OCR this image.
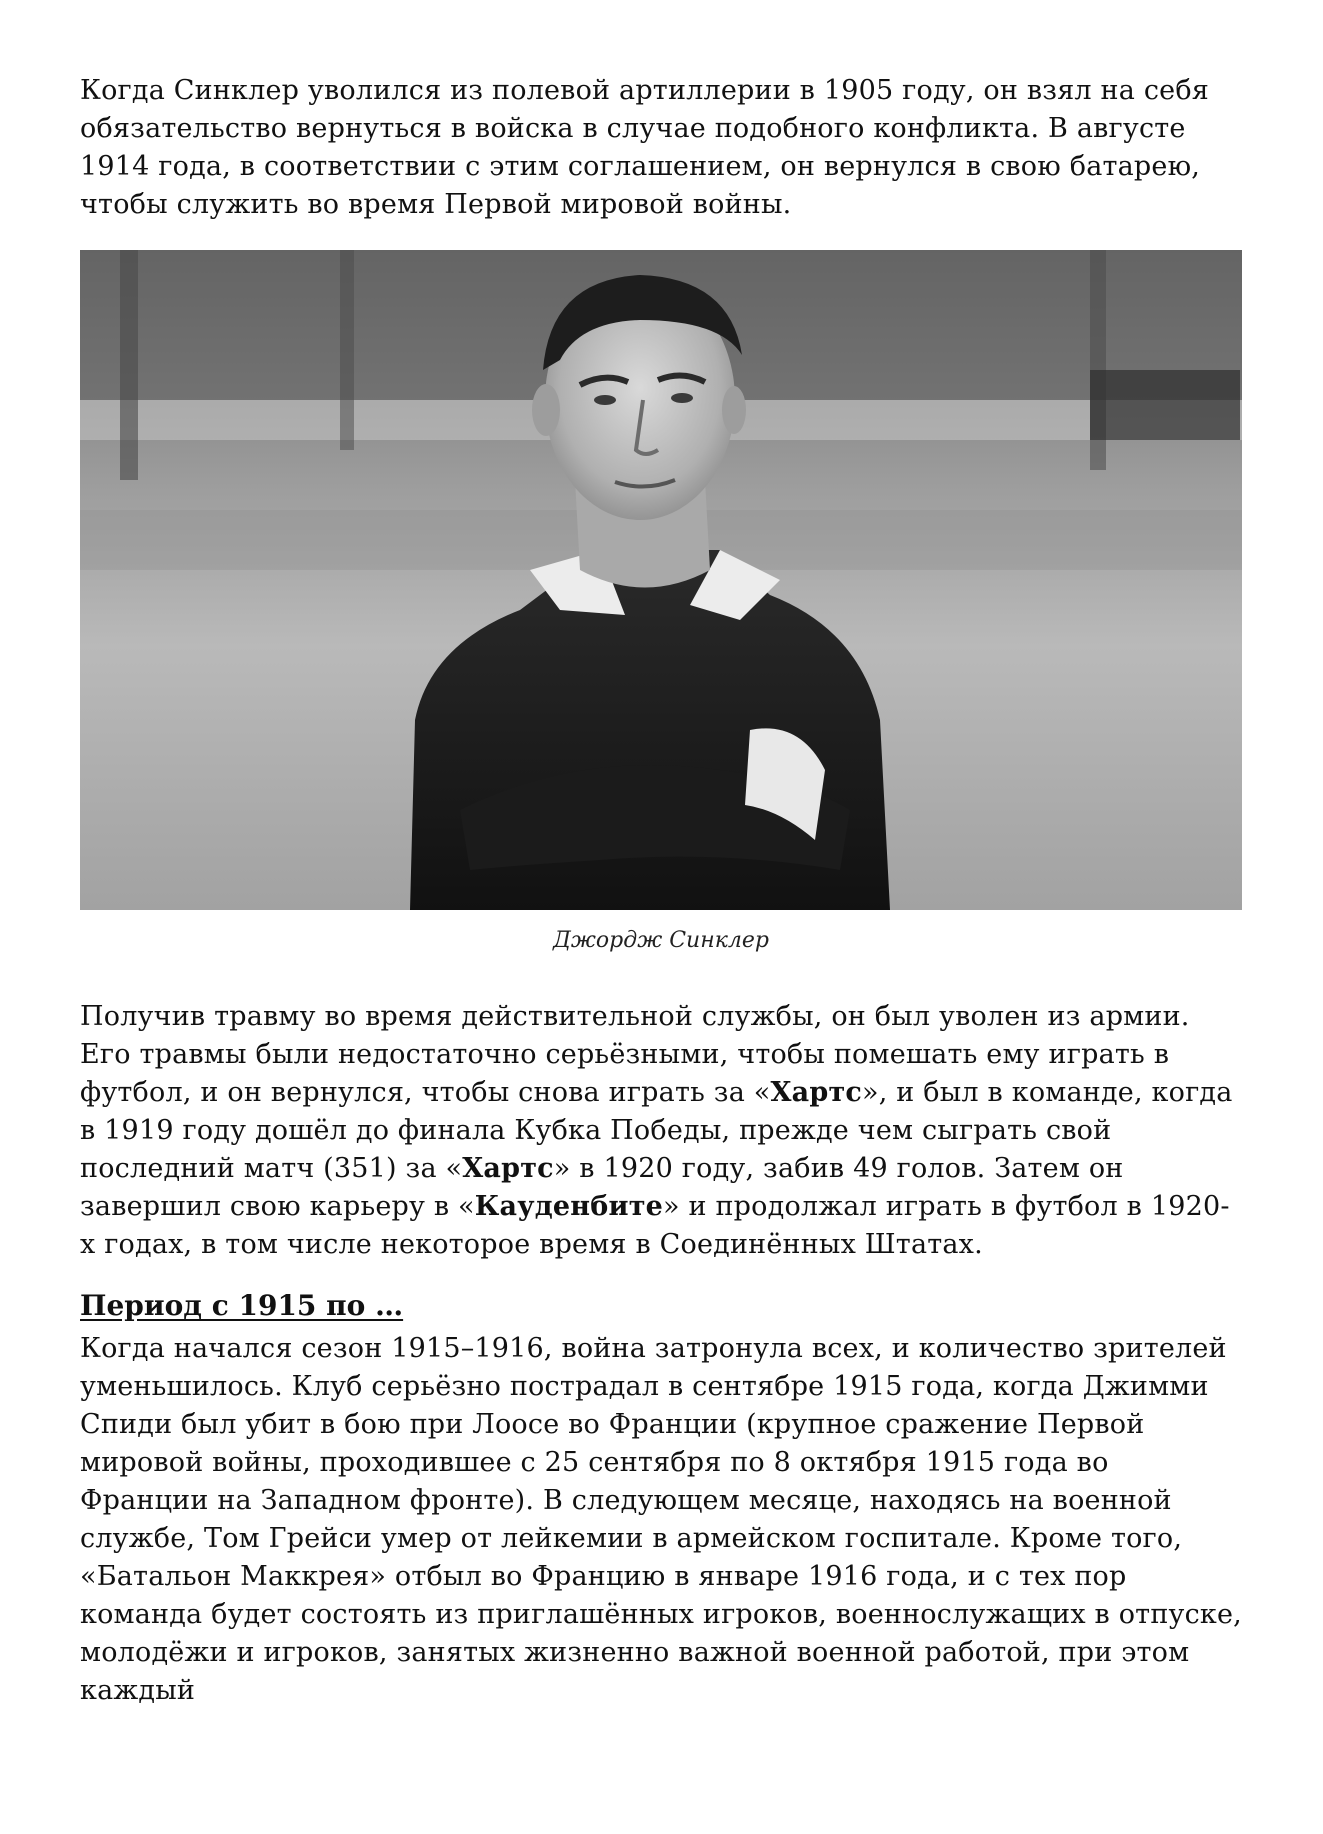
Когда Синклер уволился из полевой артиллерии в 1905 году, он взял на себя обязательство вернуться в войска в случае подобного конфликта. В августе 1914 года, в соответствии с этим соглашением, он вернулся в свою батарею, чтобы служить во время Первой мировой войны.

Джордж Синклер

Получив травму во время действительной службы, он был уволен из армии. Его травмы были недостаточно серьёзными, чтобы помешать ему играть в футбол, и он вернулся, чтобы снова играть за «Хартс», и был в команде, когда в 1919 году дошёл до финала Кубка Победы, прежде чем сыграть свой последний матч (351) за «Хартс» в 1920 году, забив 49 голов. Затем он завершил свою карьеру в «Кауденбите» и продолжал играть в футбол в 1920-х годах, в том числе некоторое время в Соединённых Штатах.

Период с 1915 по …

Когда начался сезон 1915–1916, война затронула всех, и количество зрителей уменьшилось. Клуб серьёзно пострадал в сентябре 1915 года, когда Джимми Спиди был убит в бою при Лоосе во Франции (крупное сражение Первой мировой войны, проходившее с 25 сентября по 8 октября 1915 года во Франции на Западном фронте). В следующем месяце, находясь на военной службе, Том Грейси умер от лейкемии в армейском госпитале. Кроме того, «Батальон Маккрея» отбыл во Францию в январе 1916 года, и с тех пор команда будет состоять из приглашённых игроков, военнослужащих в отпуске, молодёжи и игроков, занятых жизненно важной военной работой, при этом каждый
